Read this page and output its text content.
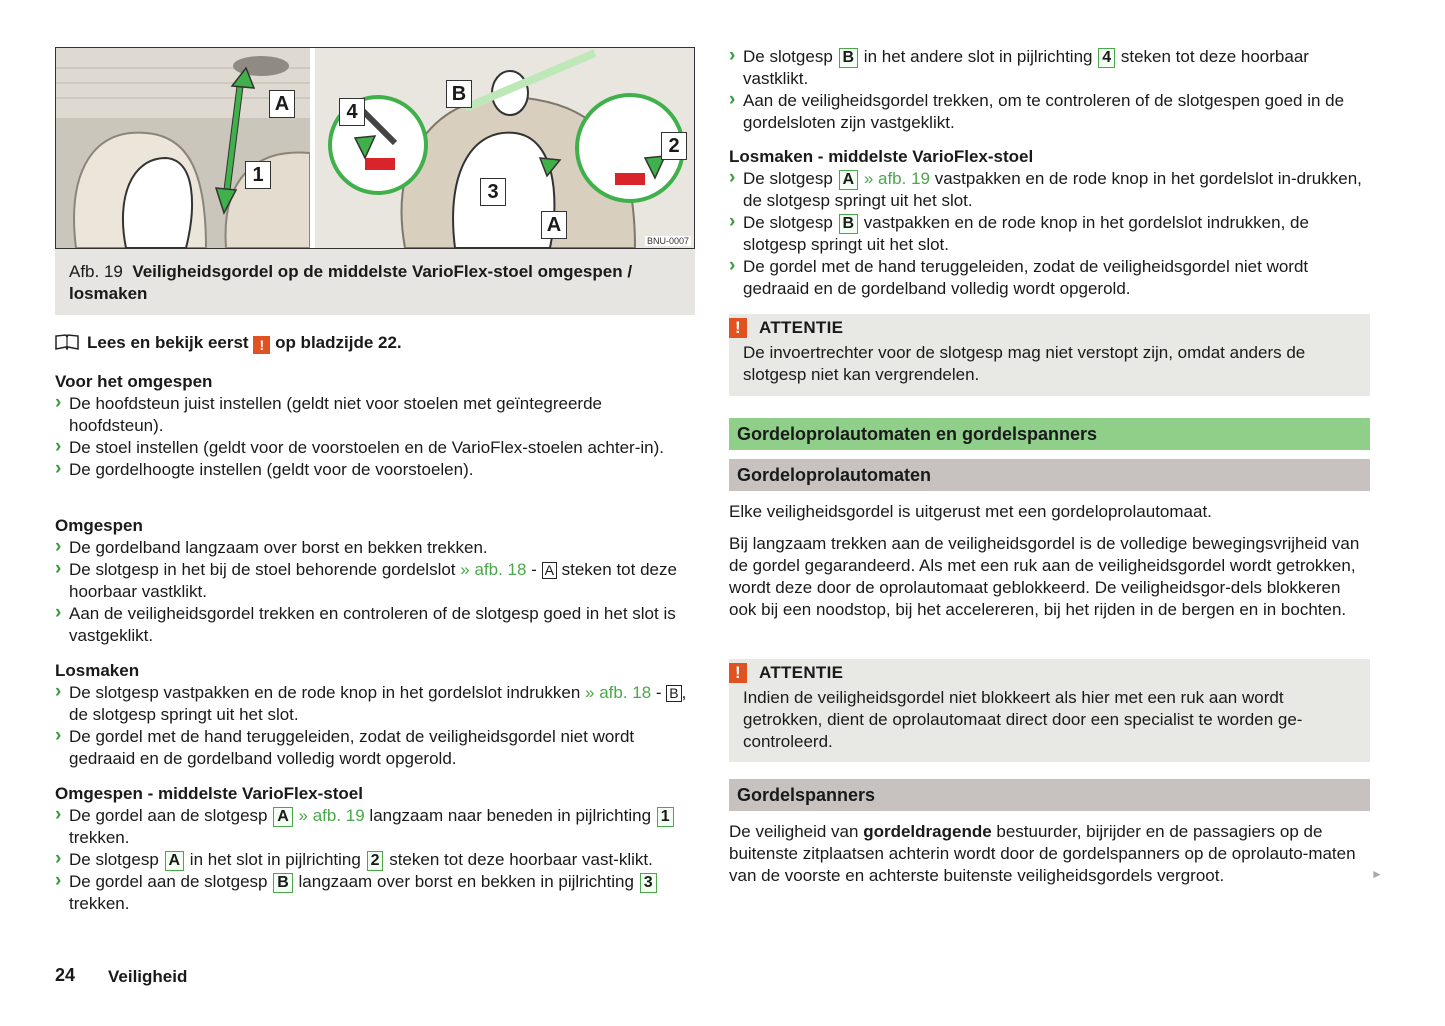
A
1
4
B
3
2
A
BNU-0007
Afb. 19 Veiligheidsgordel op de middelste VarioFlex-stoel omgespen / losmaken
Lees en bekijk eerst ! op bladzijde 22.
Voor het omgespen
› De hoofdsteun juist instellen (geldt niet voor stoelen met geïntegreerde hoofdsteun).
› De stoel instellen (geldt voor de voorstoelen en de VarioFlex-stoelen achter-in).
› De gordelhoogte instellen (geldt voor de voorstoelen).
Omgespen
› De gordelband langzaam over borst en bekken trekken.
› De slotgesp in het bij de stoel behorende gordelslot » afb. 18 - A steken tot deze hoorbaar vastklikt.
› Aan de veiligheidsgordel trekken en controleren of de slotgesp goed in het slot is vastgeklikt.
Losmaken
› De slotgesp vastpakken en de rode knop in het gordelslot indrukken » afb. 18 - B , de slotgesp springt uit het slot.
› De gordel met de hand teruggeleiden, zodat de veiligheidsgordel niet wordt gedraaid en de gordelband volledig wordt opgerold.
Omgespen - middelste VarioFlex-stoel
› De gordel aan de slotgesp A » afb. 19 langzaam naar beneden in pijlrichting 1 trekken.
› De slotgesp A in het slot in pijlrichting 2 steken tot deze hoorbaar vast-klikt.
› De gordel aan de slotgesp B langzaam over borst en bekken in pijlrichting 3 trekken.
› De slotgesp B in het andere slot in pijlrichting 4 steken tot deze hoorbaar vastklikt.
› Aan de veiligheidsgordel trekken, om te controleren of de slotgespen goed in de gordelsloten zijn vastgeklikt.
Losmaken - middelste VarioFlex-stoel
› De slotgesp A » afb. 19 vastpakken en de rode knop in het gordelslot in-drukken, de slotgesp springt uit het slot.
› De slotgesp B vastpakken en de rode knop in het gordelslot indrukken, de slotgesp springt uit het slot.
› De gordel met de hand teruggeleiden, zodat de veiligheidsgordel niet wordt gedraaid en de gordelband volledig wordt opgerold.
!	ATTENTIE
De invoertrechter voor de slotgesp mag niet verstopt zijn, omdat anders de slotgesp niet kan vergrendelen.
Gordeloprolautomaten en gordelspanners
Gordeloprolautomaten
Elke veiligheidsgordel is uitgerust met een gordeloprolautomaat.
Bij langzaam trekken aan de veiligheidsgordel is de volledige bewegingsvrijheid van de gordel gegarandeerd. Als met een ruk aan de veiligheidsgordel wordt getrokken, wordt deze door de oprolautomaat geblokkeerd. De veiligheidsgor-dels blokkeren ook bij een noodstop, bij het accelereren, bij het rijden in de bergen en in bochten.
!	ATTENTIE
Indien de veiligheidsgordel niet blokkeert als hier met een ruk aan wordt getrokken, dient de oprolautomaat direct door een specialist te worden ge-controleerd.
Gordelspanners
De veiligheid van gordeldragende bestuurder, bijrijder en de passagiers op de buitenste zitplaatsen achterin wordt door de gordelspanners op de oprolauto-maten van de voorste en achterste buitenste veiligheidsgordels vergroot.	►
24 Veiligheid
